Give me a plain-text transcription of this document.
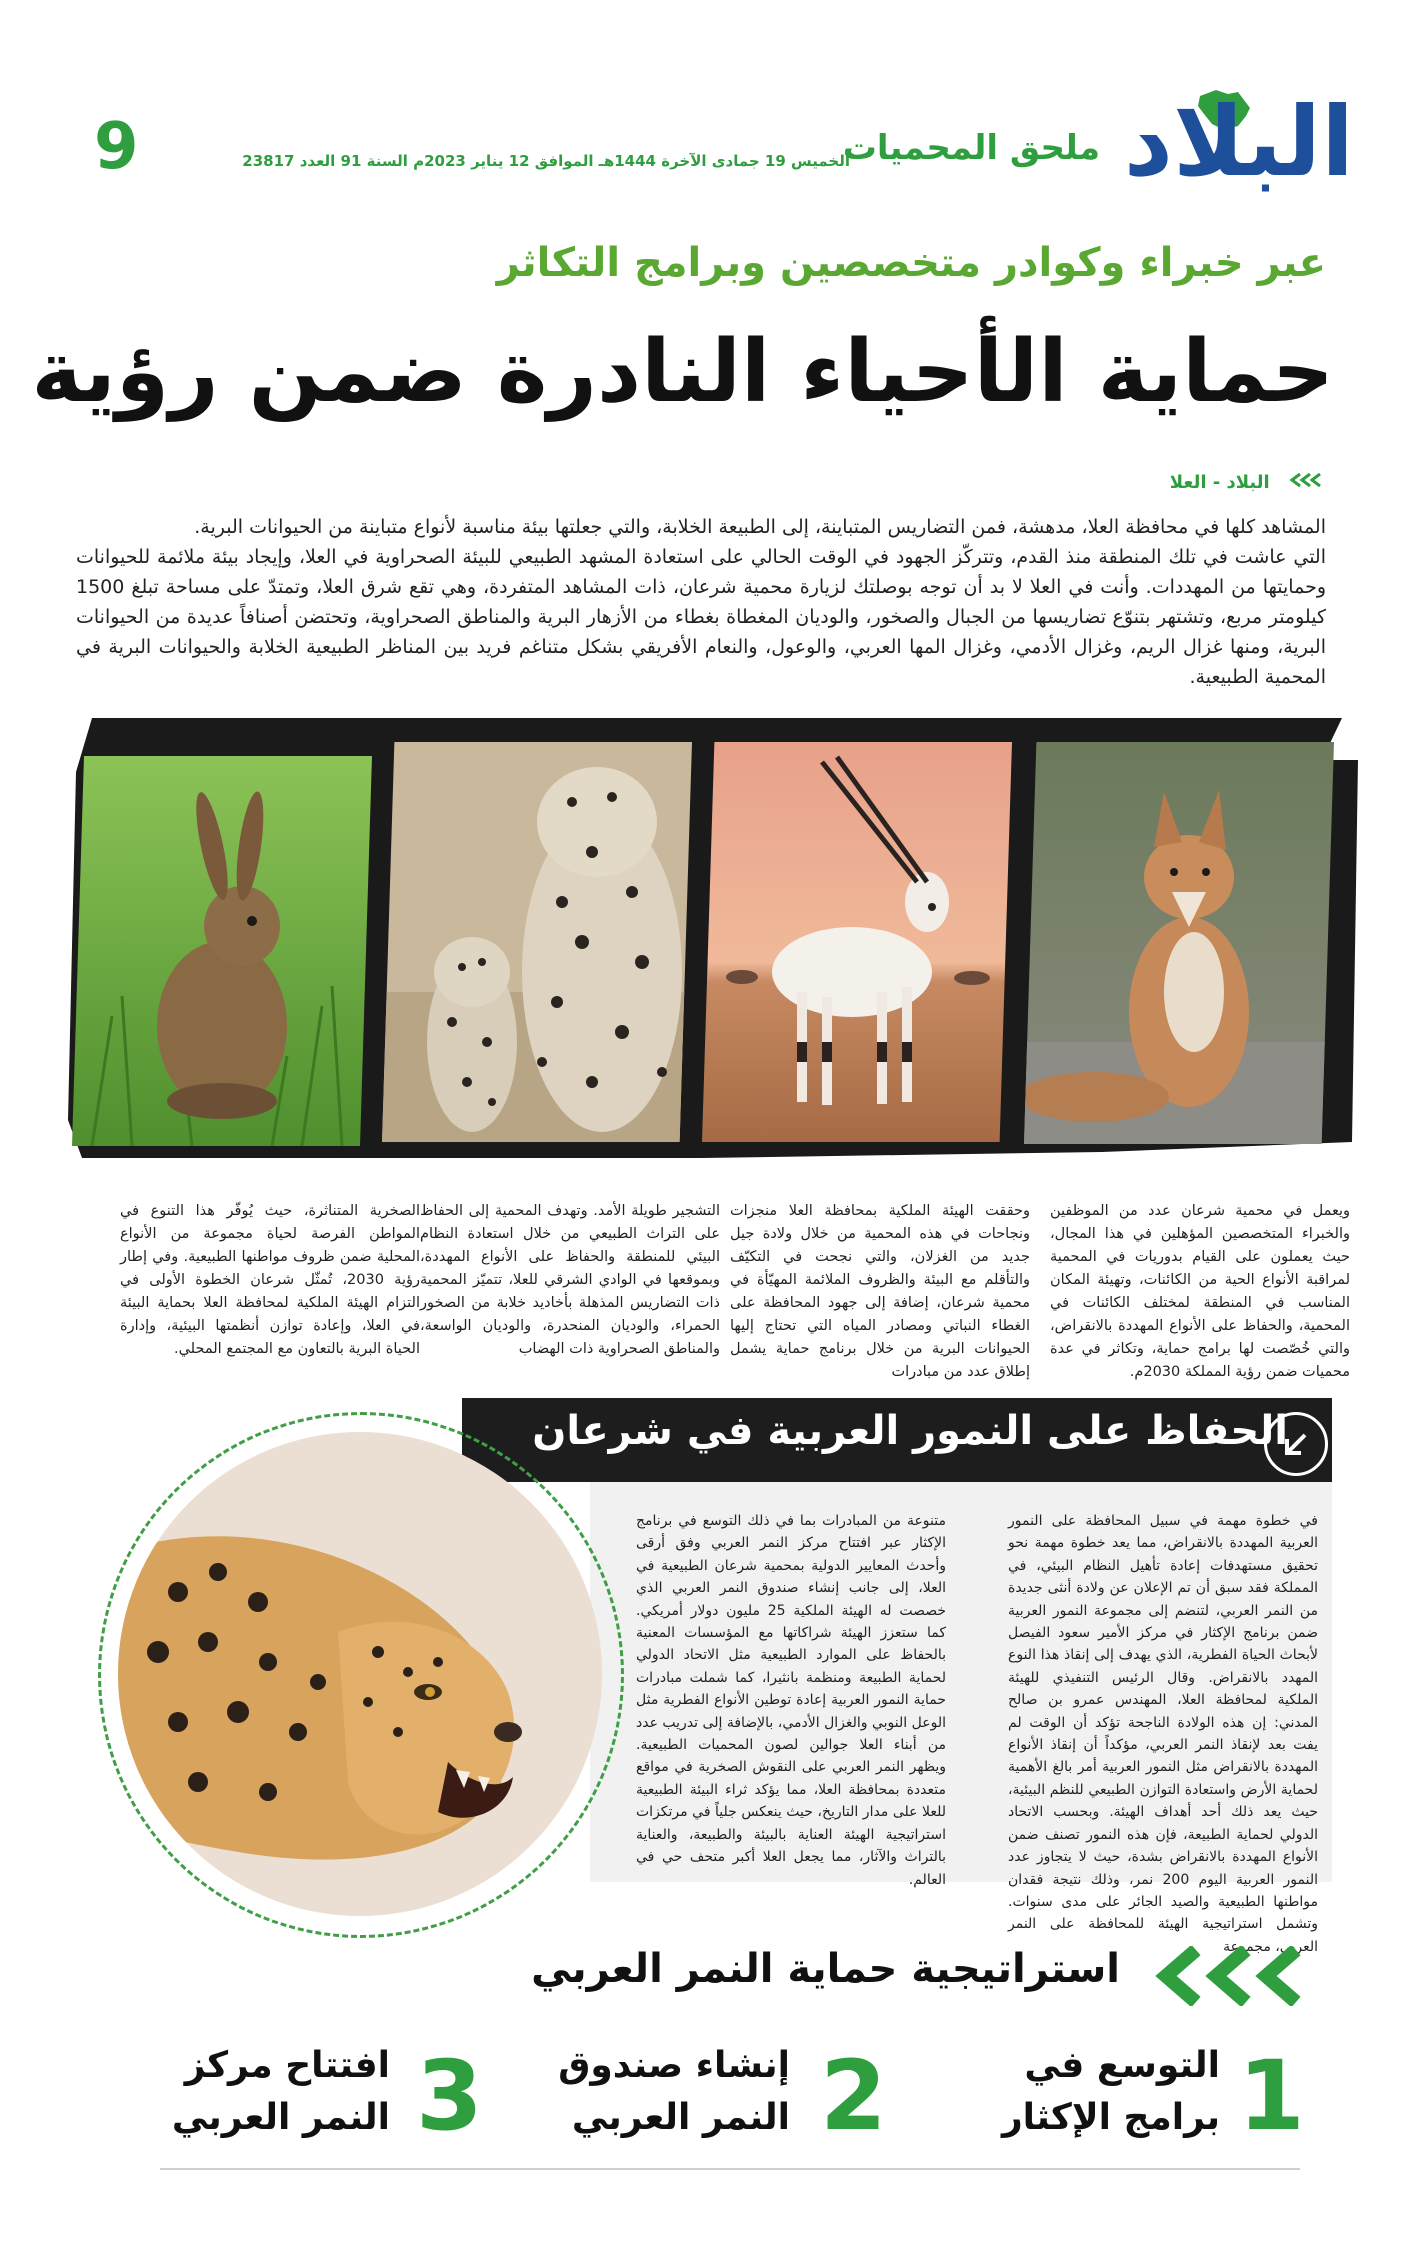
البلاد
ملحق المحميات
الخميس 19 جمادى الآخرة 1444هـ الموافق 12 يناير 2023م السنة 91 العدد 23817
9
عبر خبراء وكوادر متخصصين وبرامج التكاثر
حماية الأحياء النادرة ضمن رؤية
البلاد - العلا

المشاهد كلها في محافظة العلا، مدهشة، فمن التضاريس المتباينة، إلى الطبيعة الخلابة، والتي جعلتها بيئة مناسبة لأنواع متباينة من الحيوانات البرية.

التي عاشت في تلك المنطقة منذ القدم، وتتركّز الجهود في الوقت الحالي على استعادة المشهد الطبيعي للبيئة الصحراوية في العلا، وإيجاد بيئة ملائمة للحيوانات وحمايتها من المهددات. وأنت في العلا لا بد أن توجه بوصلتك لزيارة محمية شرعان، ذات المشاهد المتفردة، وهي تقع شرق العلا، وتمتدّ على مساحة تبلغ 1500 كيلومتر مربع، وتشتهر بتنوّع تضاريسها من الجبال والصخور، والوديان المغطاة بغطاء من الأزهار البرية والمناطق الصحراوية، وتحتضن أصنافاً عديدة من الحيوانات البرية، ومنها غزال الريم، وغزال الأدمي، وغزال المها العربي، والوعول، والنعام الأفريقي بشكل متناغم فريد بين المناظر الطبيعية الخلابة والحيوانات البرية في المحمية الطبيعية.

ويعمل في محمية شرعان عدد من الموظفين والخبراء المتخصصين المؤهلين في هذا المجال، حيث يعملون على القيام بدوريات في المحمية لمراقبة الأنواع الحية من الكائنات، وتهيئة المكان المناسب في المنطقة لمختلف الكائنات في المحمية، والحفاظ على الأنواع المهددة بالانقراض، والتي خُصّصت لها برامج حماية، وتكاثر في عدة محميات ضمن رؤية المملكة 2030م.

وحققت الهيئة الملكية بمحافظة العلا منجزات ونجاحات في هذه المحمية من خلال ولادة جيل جديد من الغزلان، والتي نجحت في التكيّف والتأقلم مع البيئة والظروف الملائمة المهيّأة في محمية شرعان، إضافة إلى جهود المحافظة على الغطاء النباتي ومصادر المياه التي تحتاج إليها الحيوانات البرية من خلال برنامج حماية يشمل إطلاق عدد من مبادرات

التشجير طويلة الأمد. وتهدف المحمية إلى الحفاظ على التراث الطبيعي من خلال استعادة النظام البيئي للمنطقة والحفاظ على الأنواع المهددة، وبموقعها في الوادي الشرقي للعلا، تتميّز المحمية ذات التضاريس المذهلة بأخاديد خلابة من الصخور الحمراء، والوديان المنحدرة، والوديان الواسعة، والمناطق الصحراوية ذات الهضاب

الصخرية المتناثرة، حيث يُوفّر هذا التنوع في المواطن الفرصة لحياة مجموعة من الأنواع المحلية ضمن ظروف مواطنها الطبيعية. وفي إطار رؤية 2030، تُمثّل شرعان الخطوة الأولى في التزام الهيئة الملكية لمحافظة العلا بحماية البيئة في العلا، وإعادة توازن أنظمتها البيئية، وإدارة الحياة البرية بالتعاون مع المجتمع المحلي.

الحفاظ على النمور العربية في شرعان

في خطوة مهمة في سبيل المحافظة على النمور العربية المهددة بالانقراض، مما يعد خطوة مهمة نحو تحقيق مستهدفات إعادة تأهيل النظام البيئي، في المملكة فقد سبق أن تم الإعلان عن ولادة أنثى جديدة من النمر العربي، لتنضم إلى مجموعة النمور العربية ضمن برنامج الإكثار في مركز الأمير سعود الفيصل لأبحاث الحياة الفطرية، الذي يهدف إلى إنقاذ هذا النوع المهدد بالانقراض. وقال الرئيس التنفيذي للهيئة الملكية لمحافظة العلا، المهندس عمرو بن صالح المدني: إن هذه الولادة الناجحة تؤكد أن الوقت لم يفت بعد لإنقاذ النمر العربي، مؤكداً أن إنقاذ الأنواع المهددة بالانقراض مثل النمور العربية أمر بالغ الأهمية لحماية الأرض واستعادة التوازن الطبيعي للنظم البيئية، حيث يعد ذلك أحد أهداف الهيئة. وبحسب الاتحاد الدولي لحماية الطبيعة، فإن هذه النمور تصنف ضمن الأنواع المهددة بالانقراض بشدة، حيث لا يتجاوز عدد النمور العربية اليوم 200 نمر، وذلك نتيجة فقدان مواطنها الطبيعية والصيد الجائر على مدى سنوات. وتشمل استراتيجية الهيئة للمحافظة على النمر العربي، مجموعة

متنوعة من المبادرات بما في ذلك التوسع في برنامج الإكثار عبر افتتاح مركز النمر العربي وفق أرقى وأحدث المعايير الدولية بمحمية شرعان الطبيعية في العلا، إلى جانب إنشاء صندوق النمر العربي الذي خصصت له الهيئة الملكية 25 مليون دولار أمريكي. كما ستعزز الهيئة شراكاتها مع المؤسسات المعنية بالحفاظ على الموارد الطبيعية مثل الاتحاد الدولي لحماية الطبيعة ومنظمة بانثيرا، كما شملت مبادرات حماية النمور العربية إعادة توطين الأنواع الفطرية مثل الوعل النوبي والغزال الأدمي، بالإضافة إلى تدريب عدد من أبناء العلا جوالين لصون المحميات الطبيعية. ويظهر النمر العربي على النقوش الصخرية في مواقع متعددة بمحافظة العلا، مما يؤكد ثراء البيئة الطبيعية للعلا على مدار التاريخ، حيث ينعكس جلياً في مرتكزات استراتيجية الهيئة العناية بالبيئة والطبيعة، والعناية بالتراث والآثار، مما يجعل العلا أكبر متحف حي في العالم.

استراتيجية حماية النمر العربي
1
التوسع في
برامج الإكثار
2
إنشاء صندوق
النمر العربي
3
افتتاح مركز
النمر العربي
